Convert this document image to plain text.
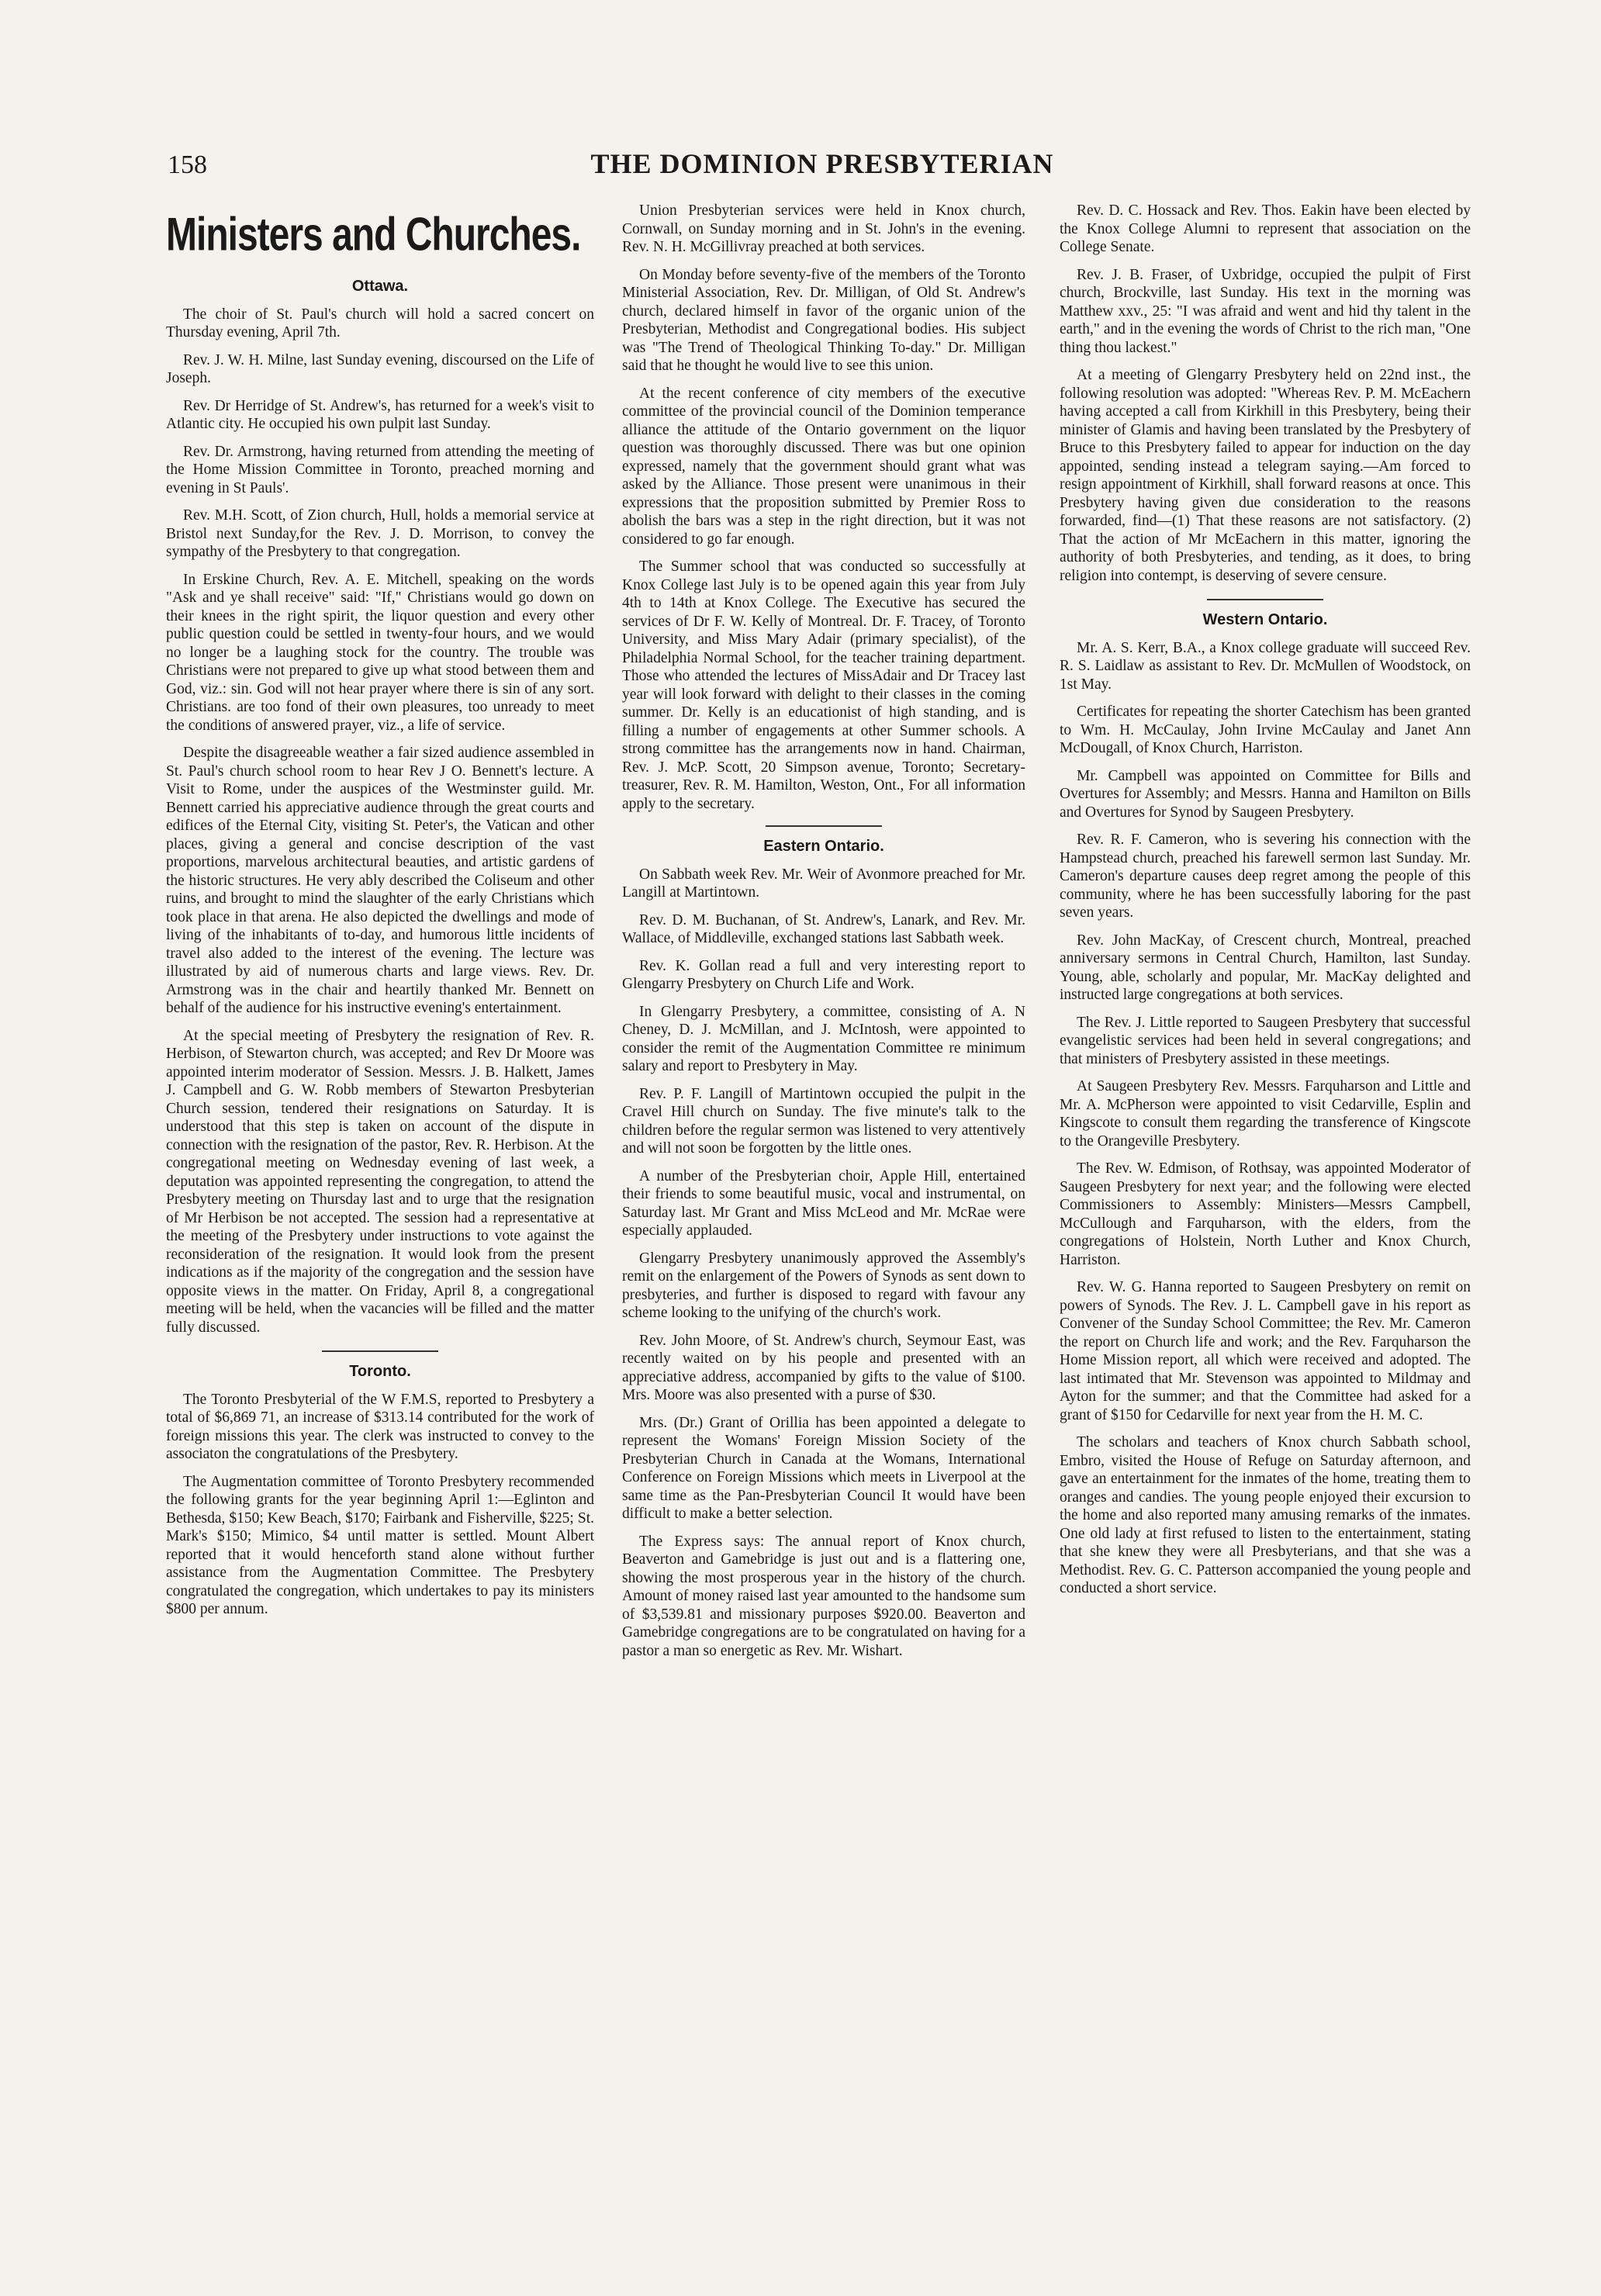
158	THE DOMINION PRESBYTERIAN
Ministers and Churches.
Ottawa.

The choir of St. Paul's church will hold a sacred concert on Thursday evening, April 7th.

Rev. J. W. H. Milne, last Sunday evening, discoursed on the Life of Joseph.

Rev. Dr Herridge of St. Andrew's, has returned for a week's visit to Atlantic city. He occupied his own pulpit last Sunday.

Rev. Dr. Armstrong, having returned from attending the meeting of the Home Mission Committee in Toronto, preached morning and evening in St Pauls'.

Rev. M.H. Scott, of Zion church, Hull, holds a memorial service at Bristol next Sunday,for the Rev. J. D. Morrison, to convey the sympathy of the Presbytery to that congregation.

In Erskine Church, Rev. A. E. Mitchell, speaking on the words "Ask and ye shall receive" said: "If," Christians would go down on their knees in the right spirit, the liquor question and every other public question could be settled in twenty-four hours, and we would no longer be a laughing stock for the country. The trouble was Christians were not prepared to give up what stood between them and God, viz.: sin. God will not hear prayer where there is sin of any sort. Christians. are too fond of their own pleasures, too unready to meet the conditions of answered prayer, viz., a life of service.

Despite the disagreeable weather a fair sized audience assembled in St. Paul's church school room to hear Rev J O. Bennett's lecture. A Visit to Rome, under the auspices of the Westminster guild. Mr. Bennett carried his appreciative audience through the great courts and edifices of the Eternal City, visiting St. Peter's, the Vatican and other places, giving a general and concise description of the vast proportions, marvelous architectural beauties, and artistic gardens of the historic structures. He very ably described the Coliseum and other ruins, and brought to mind the slaughter of the early Christians which took place in that arena. He also depicted the dwellings and mode of living of the inhabitants of to-day, and humorous little incidents of travel also added to the interest of the evening. The lecture was illustrated by aid of numerous charts and large views. Rev. Dr. Armstrong was in the chair and heartily thanked Mr. Bennett on behalf of the audience for his instructive evening's entertainment.

At the special meeting of Presbytery the resignation of Rev. R. Herbison, of Stewarton church, was accepted; and Rev Dr Moore was appointed interim moderator of Session. Messrs. J. B. Halkett, James J. Campbell and G. W. Robb members of Stewarton Presbyterian Church session, tendered their resignations on Saturday. It is understood that this step is taken on account of the dispute in connection with the resignation of the pastor, Rev. R. Herbison. At the congregational meeting on Wednesday evening of last week, a deputation was appointed representing the congregation, to attend the Presbytery meeting on Thursday last and to urge that the resignation of Mr Herbison be not accepted. The session had a representative at the meeting of the Presbytery under instructions to vote against the reconsideration of the resignation. It would look from the present indications as if the majority of the congregation and the session have opposite views in the matter. On Friday, April 8, a congregational meeting will be held, when the vacancies will be filled and the matter fully discussed.

Toronto.

The Toronto Presbyterial of the W F.M.S, reported to Presbytery a total of $6,869 71, an increase of $313.14 contributed for the work of foreign missions this year. The clerk was instructed to convey to the associaton the congratulations of the Presbytery.

The Augmentation committee of Toronto Presbytery recommended the following grants for the year beginning April 1:—Eglinton and Bethesda, $150; Kew Beach, $170; Fairbank and Fisherville, $225; St. Mark's $150; Mimico, $4 until matter is settled. Mount Albert reported that it would henceforth stand alone without further assistance from the Augmentation Committee. The Presbytery congratulated the congregation, which undertakes to pay its ministers $800 per annum.

Union Presbyterian services were held in Knox church, Cornwall, on Sunday morning and in St. John's in the evening. Rev. N. H. McGillivray preached at both services.

On Monday before seventy-five of the members of the Toronto Ministerial Association, Rev. Dr. Milligan, of Old St. Andrew's church, declared himself in favor of the organic union of the Presbyterian, Methodist and Congregational bodies. His subject was "The Trend of Theological Thinking To-day." Dr. Milligan said that he thought he would live to see this union.

At the recent conference of city members of the executive committee of the provincial council of the Dominion temperance alliance the attitude of the Ontario government on the liquor question was thoroughly discussed. There was but one opinion expressed, namely that the government should grant what was asked by the Alliance. Those present were unanimous in their expressions that the proposition submitted by Premier Ross to abolish the bars was a step in the right direction, but it was not considered to go far enough.

The Summer school that was conducted so successfully at Knox College last July is to be opened again this year from July 4th to 14th at Knox College. The Executive has secured the services of Dr F. W. Kelly of Montreal. Dr. F. Tracey, of Toronto University, and Miss Mary Adair (primary specialist), of the Philadelphia Normal School, for the teacher training department. Those who attended the lectures of MissAdair and Dr Tracey last year will look forward with delight to their classes in the coming summer. Dr. Kelly is an educationist of high standing, and is filling a number of engagements at other Summer schools. A strong committee has the arrangements now in hand. Chairman, Rev. J. McP. Scott, 20 Simpson avenue, Toronto; Secretary-treasurer, Rev. R. M. Hamilton, Weston, Ont., For all information apply to the secretary.

Eastern Ontario.

On Sabbath week Rev. Mr. Weir of Avonmore preached for Mr. Langill at Martintown.

Rev. D. M. Buchanan, of St. Andrew's, Lanark, and Rev. Mr. Wallace, of Middleville, exchanged stations last Sabbath week.

Rev. K. Gollan read a full and very interesting report to Glengarry Presbytery on Church Life and Work.

In Glengarry Presbytery, a committee, consisting of A. N Cheney, D. J. McMillan, and J. McIntosh, were appointed to consider the remit of the Augmentation Committee re minimum salary and report to Presbytery in May.

Rev. P. F. Langill of Martintown occupied the pulpit in the Cravel Hill church on Sunday. The five minute's talk to the children before the regular sermon was listened to very attentively and will not soon be forgotten by the little ones.

A number of the Presbyterian choir, Apple Hill, entertained their friends to some beautiful music, vocal and instrumental, on Saturday last. Mr Grant and Miss McLeod and Mr. McRae were especially applauded.

Glengarry Presbytery unanimously approved the Assembly's remit on the enlargement of the Powers of Synods as sent down to presbyteries, and further is disposed to regard with favour any scheme looking to the unifying of the church's work.

Rev. John Moore, of St. Andrew's church, Seymour East, was recently waited on by his people and presented with an appreciative address, accompanied by gifts to the value of $100. Mrs. Moore was also presented with a purse of $30.

Mrs. (Dr.) Grant of Orillia has been appointed a delegate to represent the Womans' Foreign Mission Society of the Presbyterian Church in Canada at the Womans, International Conference on Foreign Missions which meets in Liverpool at the same time as the Pan-Presbyterian Council It would have been difficult to make a better selection.

The Express says: The annual report of Knox church, Beaverton and Gamebridge is just out and is a flattering one, showing the most prosperous year in the history of the church. Amount of money raised last year amounted to the handsome sum of $3,539.81 and missionary purposes $920.00. Beaverton and Gamebridge congregations are to be congratulated on having for a pastor a man so energetic as Rev. Mr. Wishart.

Rev. D. C. Hossack and Rev. Thos. Eakin have been elected by the Knox College Alumni to represent that association on the College Senate.

Rev. J. B. Fraser, of Uxbridge, occupied the pulpit of First church, Brockville, last Sunday. His text in the morning was Matthew xxv., 25: "I was afraid and went and hid thy talent in the earth," and in the evening the words of Christ to the rich man, "One thing thou lackest."

At a meeting of Glengarry Presbytery held on 22nd inst., the following resolution was adopted: "Whereas Rev. P. M. McEachern having accepted a call from Kirkhill in this Presbytery, being their minister of Glamis and having been translated by the Presbytery of Bruce to this Presbytery failed to appear for induction on the day appointed, sending instead a telegram saying.—Am forced to resign appointment of Kirkhill, shall forward reasons at once. This Presbytery having given due consideration to the reasons forwarded, find—(1) That these reasons are not satisfactory. (2) That the action of Mr McEachern in this matter, ignoring the authority of both Presbyteries, and tending, as it does, to bring religion into contempt, is deserving of severe censure.

Western Ontario.

Mr. A. S. Kerr, B.A., a Knox college graduate will succeed Rev. R. S. Laidlaw as assistant to Rev. Dr. McMullen of Woodstock, on 1st May.

Certificates for repeating the shorter Catechism has been granted to Wm. H. McCaulay, John Irvine McCaulay and Janet Ann McDougall, of Knox Church, Harriston.

Mr. Campbell was appointed on Committee for Bills and Overtures for Assembly; and Messrs. Hanna and Hamilton on Bills and Overtures for Synod by Saugeen Presbytery.

Rev. R. F. Cameron, who is severing his connection with the Hampstead church, preached his farewell sermon last Sunday. Mr. Cameron's departure causes deep regret among the people of this community, where he has been successfully laboring for the past seven years.

Rev. John MacKay, of Crescent church, Montreal, preached anniversary sermons in Central Church, Hamilton, last Sunday. Young, able, scholarly and popular, Mr. MacKay delighted and instructed large congregations at both services.

The Rev. J. Little reported to Saugeen Presbytery that successful evangelistic services had been held in several congregations; and that ministers of Presbytery assisted in these meetings.

At Saugeen Presbytery Rev. Messrs. Farquharson and Little and Mr. A. McPherson were appointed to visit Cedarville, Esplin and Kingscote to consult them regarding the transference of Kingscote to the Orangeville Presbytery.

The Rev. W. Edmison, of Rothsay, was appointed Moderator of Saugeen Presbytery for next year; and the following were elected Commissioners to Assembly: Ministers—Messrs Campbell, McCullough and Farquharson, with the elders, from the congregations of Holstein, North Luther and Knox Church, Harriston.

Rev. W. G. Hanna reported to Saugeen Presbytery on remit on powers of Synods. The Rev. J. L. Campbell gave in his report as Convener of the Sunday School Committee; the Rev. Mr. Cameron the report on Church life and work; and the Rev. Farquharson the Home Mission report, all which were received and adopted. The last intimated that Mr. Stevenson was appointed to Mildmay and Ayton for the summer; and that the Committee had asked for a grant of $150 for Cedarville for next year from the H. M. C.

The scholars and teachers of Knox church Sabbath school, Embro, visited the House of Refuge on Saturday afternoon, and gave an entertainment for the inmates of the home, treating them to oranges and candies. The young people enjoyed their excursion to the home and also reported many amusing remarks of the inmates. One old lady at first refused to listen to the entertainment, stating that she knew they were all Presbyterians, and that she was a Methodist. Rev. G. C. Patterson accompanied the young people and conducted a short service.
